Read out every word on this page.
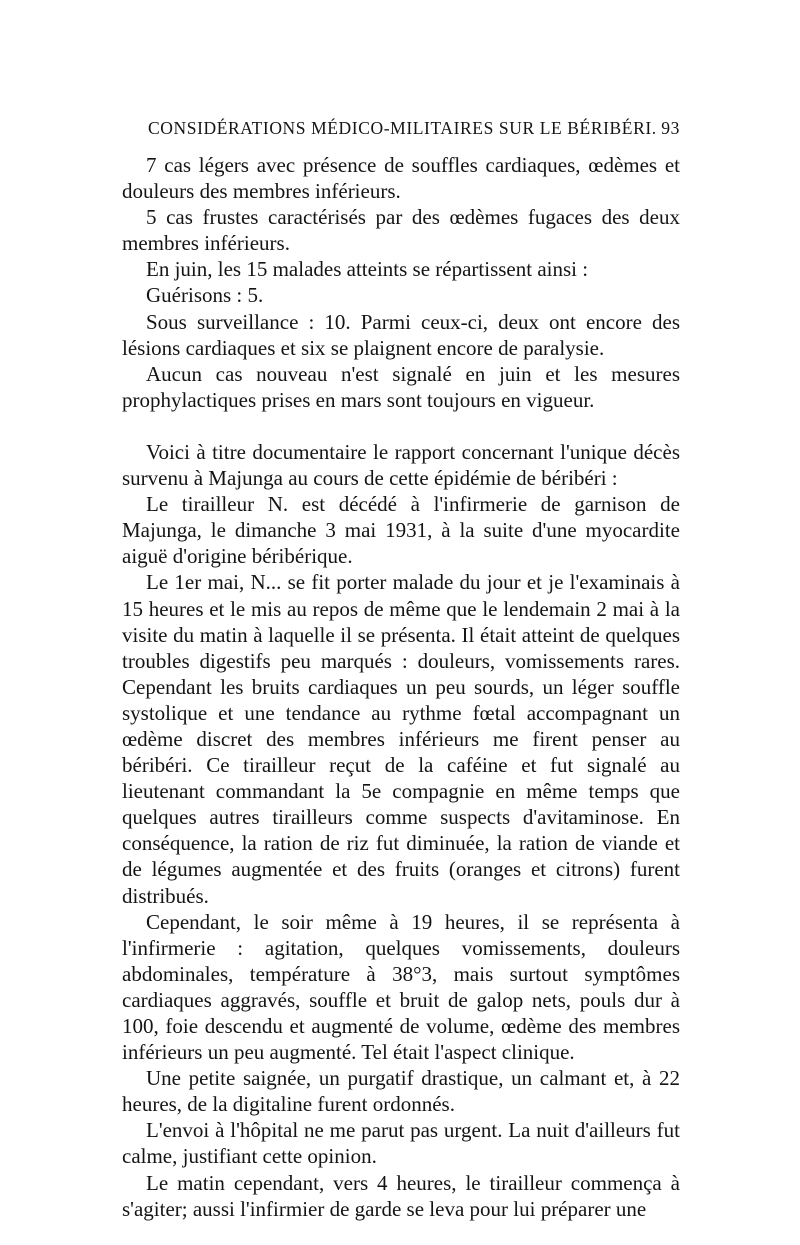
CONSIDÉRATIONS MÉDICO-MILITAIRES SUR LE BÉRIBÉRI. 93

7 cas légers avec présence de souffles cardiaques, œdèmes et douleurs des membres inférieurs.

5 cas frustes caractérisés par des œdèmes fugaces des deux membres inférieurs.

En juin, les 15 malades atteints se répartissent ainsi :

Guérisons : 5.

Sous surveillance : 10. Parmi ceux-ci, deux ont encore des lésions cardiaques et six se plaignent encore de paralysie.

Aucun cas nouveau n'est signalé en juin et les mesures prophylactiques prises en mars sont toujours en vigueur.

Voici à titre documentaire le rapport concernant l'unique décès survenu à Majunga au cours de cette épidémie de béribéri :

Le tirailleur N. est décédé à l'infirmerie de garnison de Majunga, le dimanche 3 mai 1931, à la suite d'une myocardite aiguë d'origine béribérique.

Le 1er mai, N... se fit porter malade du jour et je l'examinais à 15 heures et le mis au repos de même que le lendemain 2 mai à la visite du matin à laquelle il se présenta. Il était atteint de quelques troubles digestifs peu marqués : douleurs, vomissements rares. Cependant les bruits cardiaques un peu sourds, un léger souffle systolique et une tendance au rythme fœtal accompagnant un œdème discret des membres inférieurs me firent penser au béribéri. Ce tirailleur reçut de la caféine et fut signalé au lieutenant commandant la 5e compagnie en même temps que quelques autres tirailleurs comme suspects d'avitaminose. En conséquence, la ration de riz fut diminuée, la ration de viande et de légumes augmentée et des fruits (oranges et citrons) furent distribués.

Cependant, le soir même à 19 heures, il se représenta à l'infirmerie : agitation, quelques vomissements, douleurs abdominales, température à 38°3, mais surtout symptômes cardiaques aggravés, souffle et bruit de galop nets, pouls dur à 100, foie descendu et augmenté de volume, œdème des membres inférieurs un peu augmenté. Tel était l'aspect clinique.

Une petite saignée, un purgatif drastique, un calmant et, à 22 heures, de la digitaline furent ordonnés.

L'envoi à l'hôpital ne me parut pas urgent. La nuit d'ailleurs fut calme, justifiant cette opinion.

Le matin cependant, vers 4 heures, le tirailleur commença à s'agiter; aussi l'infirmier de garde se leva pour lui préparer une
